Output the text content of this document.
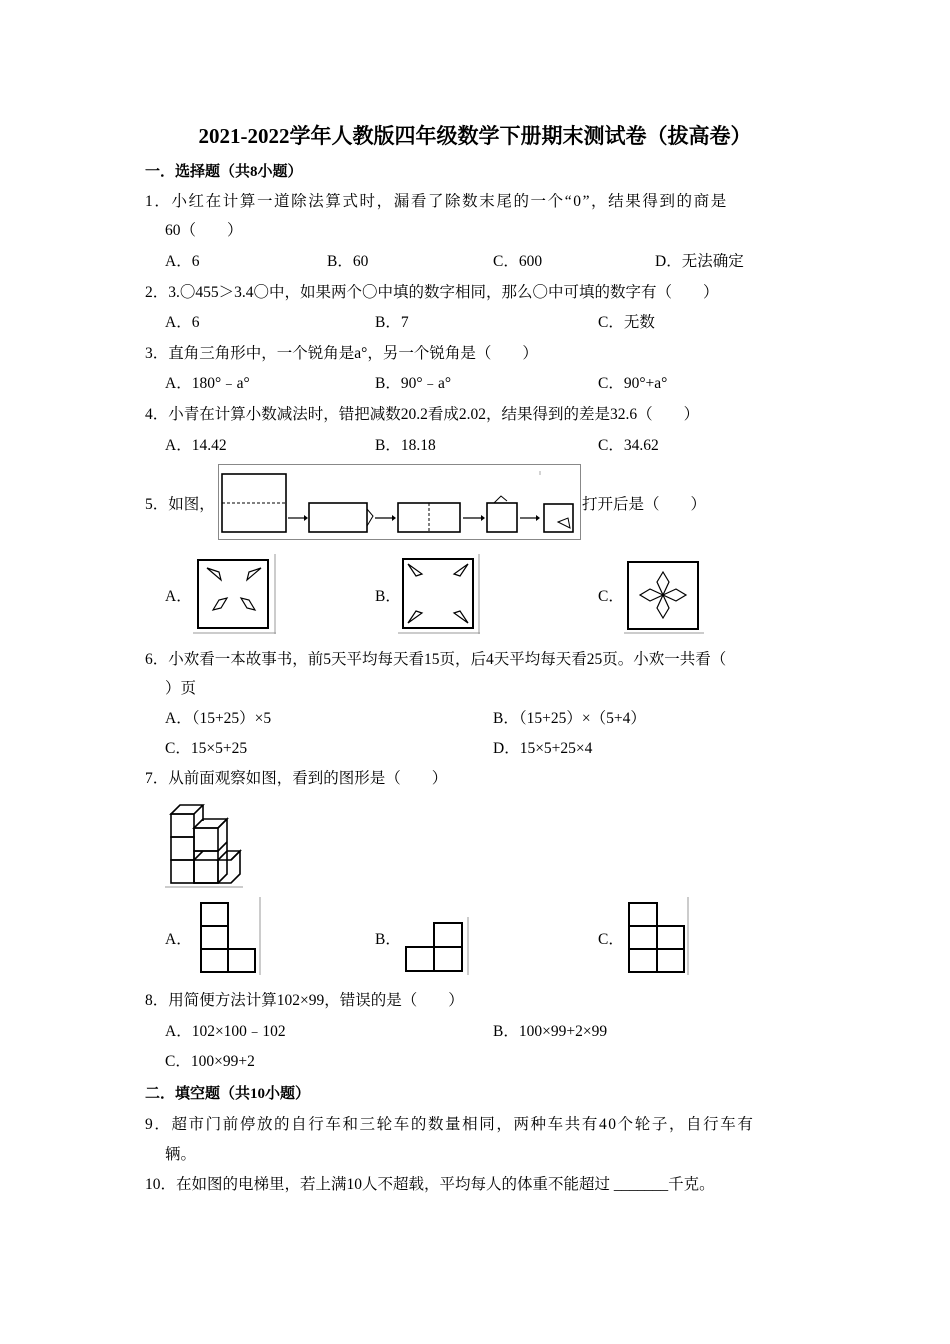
2021-2022学年人教版四年级数学下册期末测试卷（拔高卷）
一．选择题（共8小题）
1．小红在计算一道除法算式时，漏看了除数末尾的一个“0”，结果得到的商是
60（　　）
A．6	B．60	C．600	D．无法确定
2．3.〇455＞3.4〇中，如果两个〇中填的数字相同，那么〇中可填的数字有（　　）
A．6	B．7	C．无数
3．直角三角形中，一个锐角是a°，另一个锐角是（　　）
A．180°﹣a°	B．90°﹣a°	C．90°+a°
4．小青在计算小数减法时，错把减数20.2看成2.02，结果得到的差是32.6（　　）
A．14.42	B．18.18	C．34.62
5．如图，	打开后是（　　）
A．	B．	C．
6．小欢看一本故事书，前5天平均每天看15页，后4天平均每天看25页。小欢一共看（
）页
A．（15+25）×5	B．（15+25）×（5+4）
C．15×5+25	D．15×5+25×4
7．从前面观察如图，看到的图形是（　　）
A．	B．	C．
8．用简便方法计算102×99，错误的是（　　）
A．102×100﹣102	B．100×99+2×99
C．100×99+2
二．填空题（共10小题）
9．超市门前停放的自行车和三轮车的数量相同，两种车共有40个轮子，自行车有
辆。
10．在如图的电梯里，若上满10人不超载，平均每人的体重不能超过 _______千克。
